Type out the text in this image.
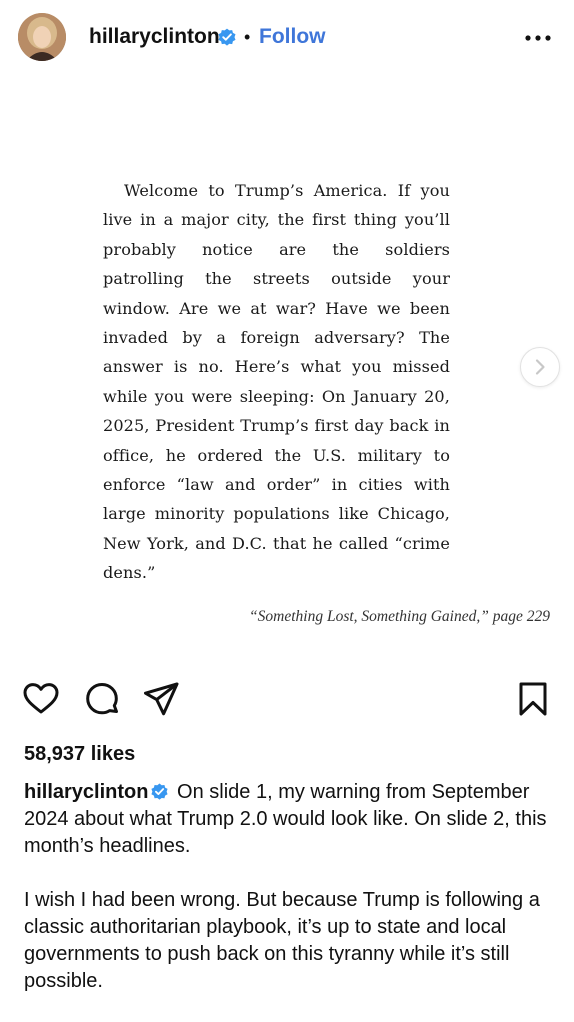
hillaryclinton • Follow
Welcome to Trump’s America. If you live in a major city, the first thing you’ll probably notice are the soldiers patrolling the streets outside your window. Are we at war? Have we been invaded by a foreign adversary? The answer is no. Here’s what you missed while you were sleeping: On January 20, 2025, President Trump’s first day back in office, he ordered the U.S. military to enforce “law and order” in cities with large minority populations like Chicago, New York, and D.C. that he called “crime dens.”
“Something Lost, Something Gained,” page 229
58,937 likes

hillaryclinton On slide 1, my warning from September 2024 about what Trump 2.0 would look like. On slide 2, this month’s headlines.

I wish I had been wrong. But because Trump is following a classic authoritarian playbook, it’s up to state and local governments to push back on this tyranny while it’s still possible.
